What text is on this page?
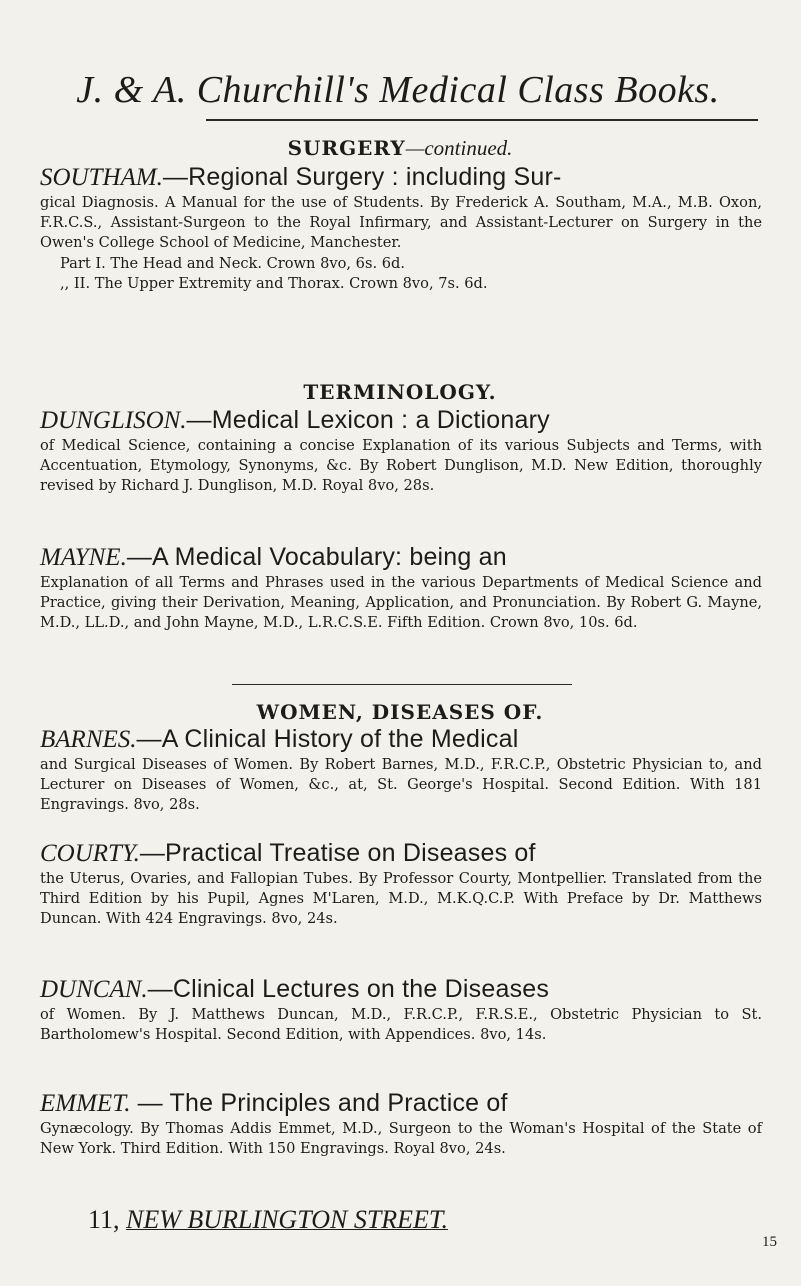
J. & A. Churchill's Medical Class Books.
SURGERY—continued.
SOUTHAM.—Regional Surgery : including Sur-
gical Diagnosis. A Manual for the use of Students. By Frederick A. Southam, M.A., M.B. Oxon, F.R.C.S., Assistant-Surgeon to the Royal Infirmary, and Assistant-Lecturer on Surgery in the Owen's College School of Medicine, Manchester.
Part I. The Head and Neck. Crown 8vo, 6s. 6d.
,, II. The Upper Extremity and Thorax. Crown 8vo, 7s. 6d.
TERMINOLOGY.
DUNGLISON.—Medical Lexicon : a Dictionary
of Medical Science, containing a concise Explanation of its various Subjects and Terms, with Accentuation, Etymology, Synonyms, &c. By Robert Dunglison, M.D. New Edition, thoroughly revised by Richard J. Dunglison, M.D. Royal 8vo, 28s.
MAYNE.—A Medical Vocabulary: being an
Explanation of all Terms and Phrases used in the various Departments of Medical Science and Practice, giving their Derivation, Meaning, Application, and Pronunciation. By Robert G. Mayne, M.D., LL.D., and John Mayne, M.D., L.R.C.S.E. Fifth Edition. Crown 8vo, 10s. 6d.
WOMEN, DISEASES OF.
BARNES.—A Clinical History of the Medical
and Surgical Diseases of Women. By Robert Barnes, M.D., F.R.C.P., Obstetric Physician to, and Lecturer on Diseases of Women, &c., at, St. George's Hospital. Second Edition. With 181 Engravings. 8vo, 28s.
COURTY.—Practical Treatise on Diseases of
the Uterus, Ovaries, and Fallopian Tubes. By Professor Courty, Montpellier. Translated from the Third Edition by his Pupil, Agnes M'Laren, M.D., M.K.Q.C.P. With Preface by Dr. Matthews Duncan. With 424 Engravings. 8vo, 24s.
DUNCAN.—Clinical Lectures on the Diseases
of Women. By J. Matthews Duncan, M.D., F.R.C.P., F.R.S.E., Obstetric Physician to St. Bartholomew's Hospital. Second Edition, with Appendices. 8vo, 14s.
EMMET. — The Principles and Practice of
Gynæcology. By Thomas Addis Emmet, M.D., Surgeon to the Woman's Hospital of the State of New York. Third Edition. With 150 Engravings. Royal 8vo, 24s.
11, NEW BURLINGTON STREET.
15
